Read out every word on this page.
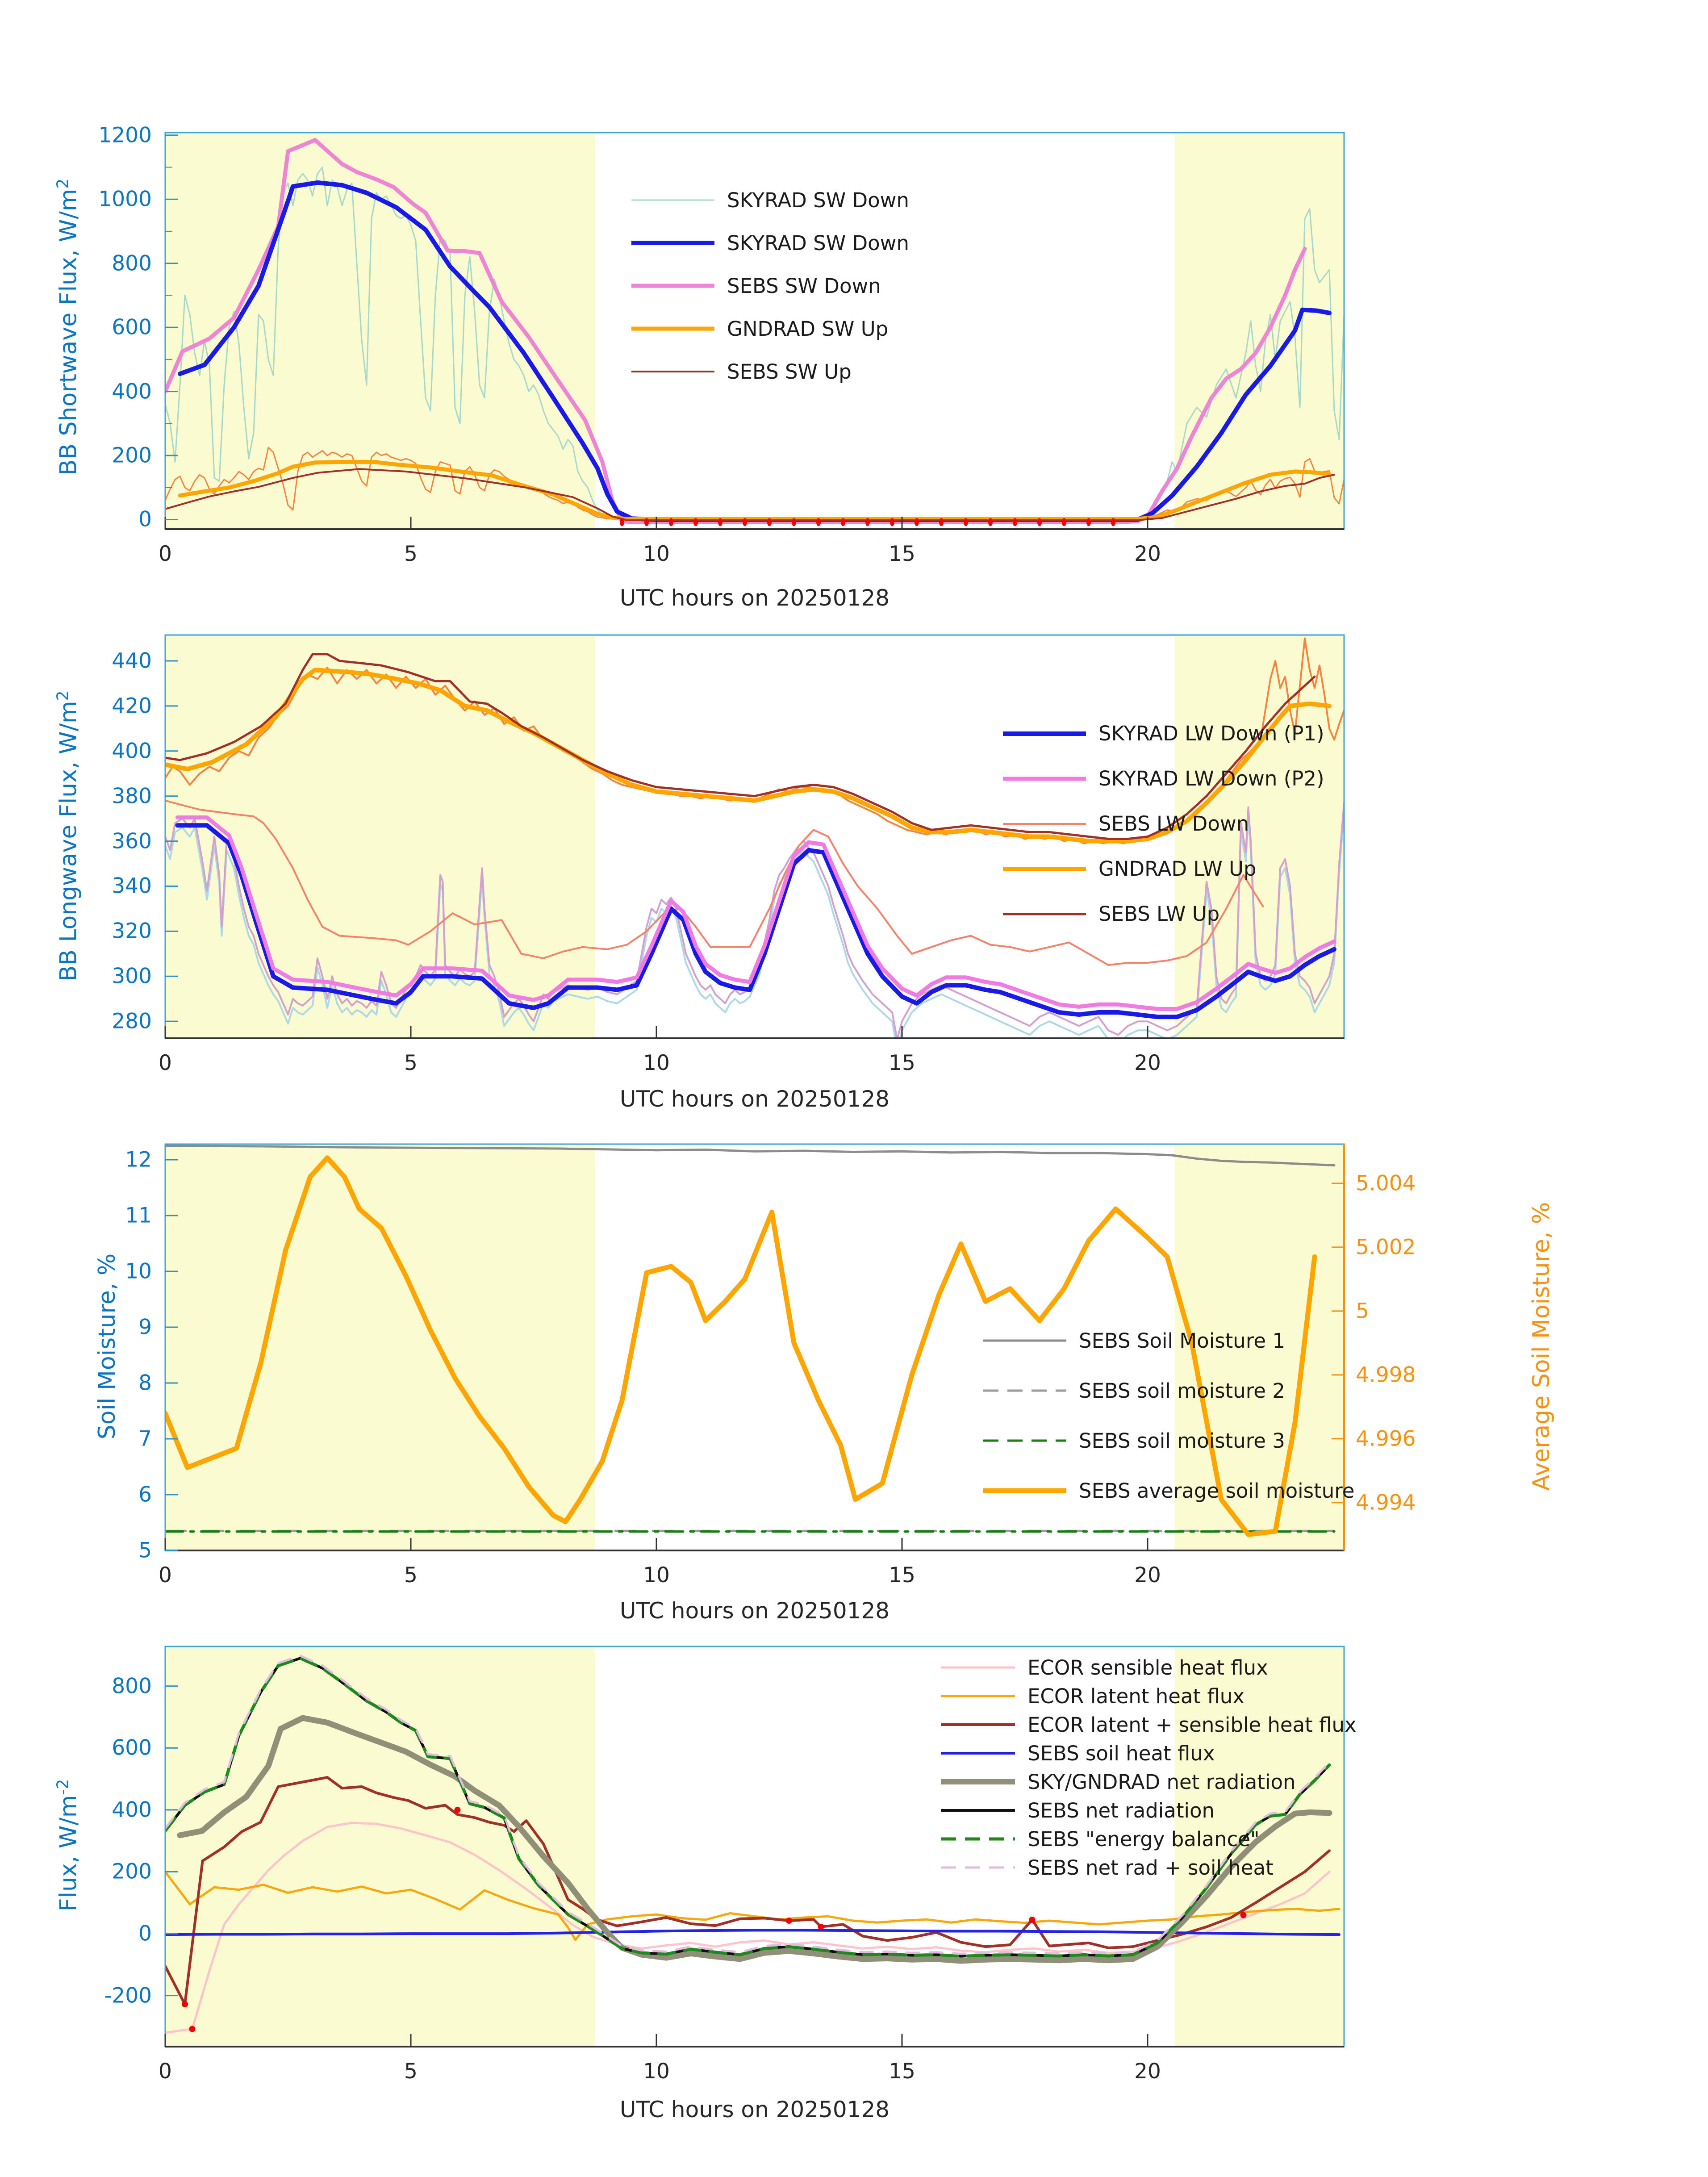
BB Shortwave Flux, $W/m^2$
BB Longwave Flux, $W/m^2$
Soil Moisture, %	Average Soil Moisture, %
Flux, $W/m^{-2}$
UTC hours on 20250128
UTC hours on 20250128
UTC hours on 20250128
UTC hours on 20250128
SKYRAD SW Down
SKYRAD SW Down
SEBS SW Down
GNDRAD SW Up
SEBS SW Up
SKYRAD LW Down (P1)
SKYRAD LW Down (P2)
SEBS LW Down
GNDRAD LW Up
SEBS LW Up
SEBS Soil Moisture 1
SEBS soil moisture 2
SEBS soil moisture 3
SEBS average soil moisture
ECOR sensible heat flux
ECOR latent heat flux
ECOR latent + sensible heat flux
SEBS soil heat flux
SKY/GNDRAD net radiation
SEBS net radiation
SEBS "energy balance"
SEBS net rad + soil heat
0	5	10	15	20
0
200
400
600
800
1000
1200
0	5	10	15	20
280
300
320
340
360
380
400
420
440
0	5	10	15	20
5
6
7
8
9
10
11
12
4.994
4.996
4.998
5
5.002
5.004
0	5	10	15	20
-200
0
200
400
600
800
